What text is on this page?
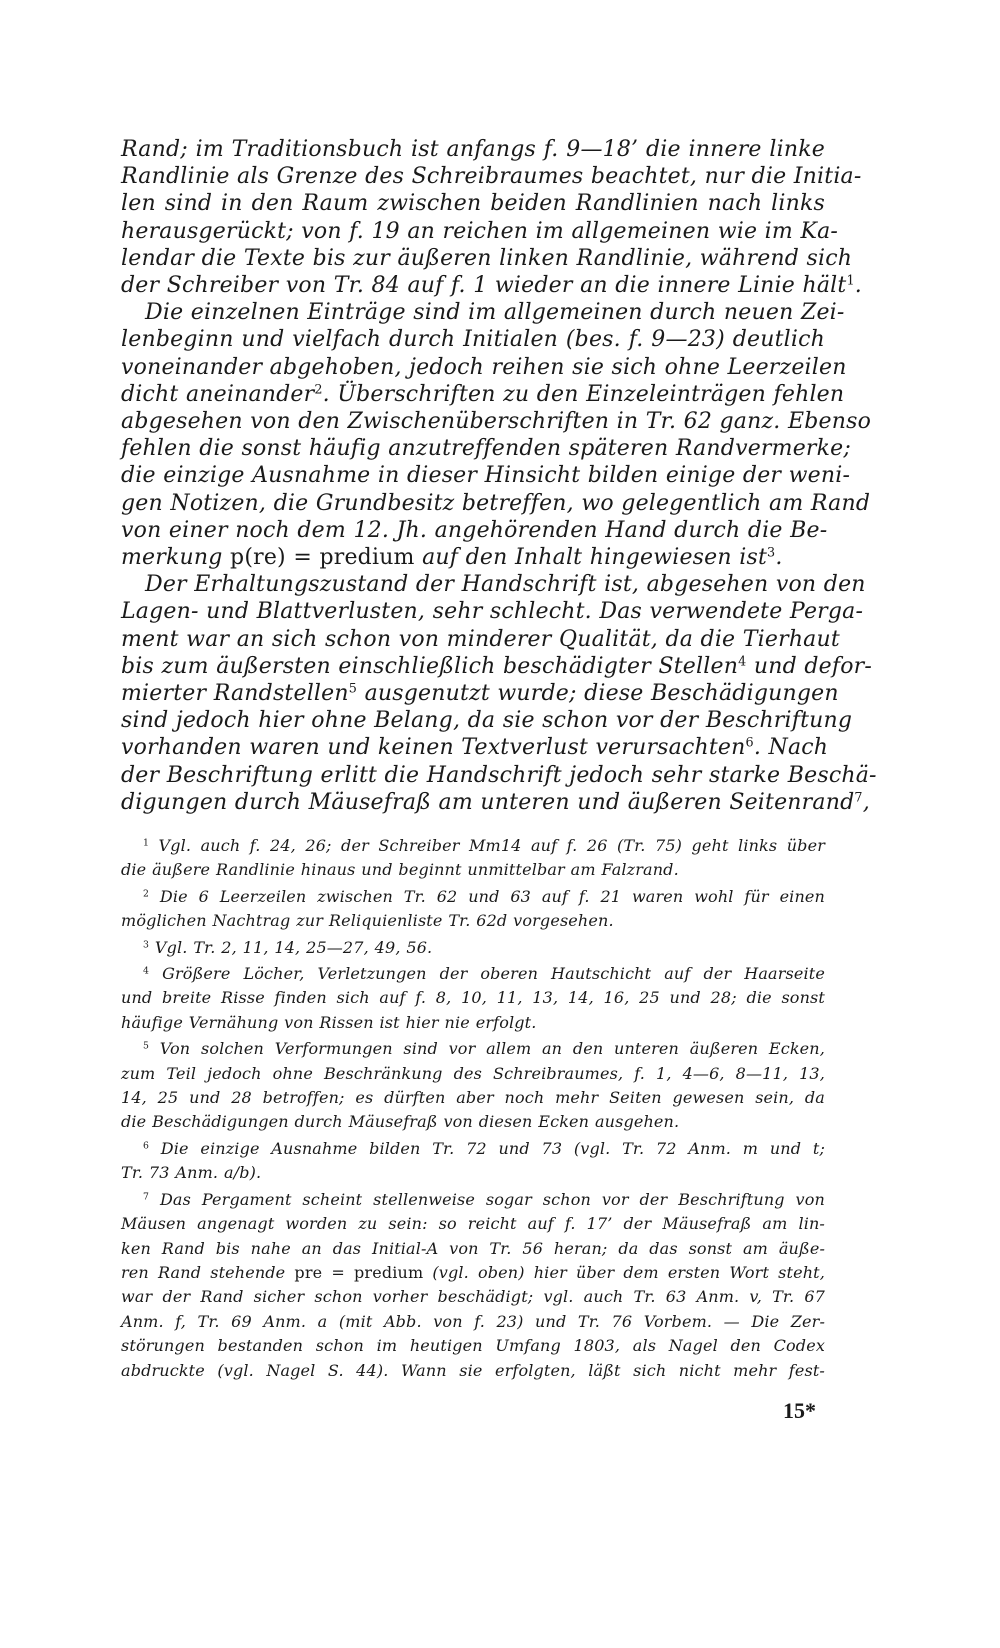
Rand; im Traditionsbuch ist anfangs f. 9—18’ die innere linke
Randlinie als Grenze des Schreibraumes beachtet, nur die Initia-
len sind in den Raum zwischen beiden Randlinien nach links
herausgerückt; von f. 19 an reichen im allgemeinen wie im Ka-
lendar die Texte bis zur äußeren linken Randlinie, während sich
der Schreiber von Tr. 84 auf f. 1 wieder an die innere Linie hält$^1$.
Die einzelnen Einträge sind im allgemeinen durch neuen Zei-
lenbeginn und vielfach durch Initialen (bes. f. 9—23) deutlich
voneinander abgehoben, jedoch reihen sie sich ohne Leerzeilen
dicht aneinander$^2$. Überschriften zu den Einzeleinträgen fehlen
abgesehen von den Zwischenüberschriften in Tr. 62 ganz. Ebenso
fehlen die sonst häufig anzutreffenden späteren Randvermerke;
die einzige Ausnahme in dieser Hinsicht bilden einige der weni-
gen Notizen, die Grundbesitz betreffen, wo gelegentlich am Rand
von einer noch dem 12. Jh. angehörenden Hand durch die Be-
merkung p(re) = predium auf den Inhalt hingewiesen ist$^3$.
Der Erhaltungszustand der Handschrift ist, abgesehen von den
Lagen- und Blattverlusten, sehr schlecht. Das verwendete Perga-
ment war an sich schon von minderer Qualität, da die Tierhaut
bis zum äußersten einschließlich beschädigter Stellen$^4$ und defor-
mierter Randstellen$^5$ ausgenutzt wurde; diese Beschädigungen
sind jedoch hier ohne Belang, da sie schon vor der Beschriftung
vorhanden waren und keinen Textverlust verursachten$^6$. Nach
der Beschriftung erlitt die Handschrift jedoch sehr starke Beschä-
digungen durch Mäusefraß am unteren und äußeren Seitenrand$^7$,
$^1$ Vgl. auch f. 24, 26; der Schreiber Mm14 auf f. 26 (Tr. 75) geht links über
die äußere Randlinie hinaus und beginnt unmittelbar am Falzrand.
$^2$ Die 6 Leerzeilen zwischen Tr. 62 und 63 auf f. 21 waren wohl für einen
möglichen Nachtrag zur Reliquienliste Tr. 62d vorgesehen.
$^3$ Vgl. Tr. 2, 11, 14, 25—27, 49, 56.
$^4$ Größere Löcher, Verletzungen der oberen Hautschicht auf der Haarseite
und breite Risse finden sich auf f. 8, 10, 11, 13, 14, 16, 25 und 28; die sonst
häufige Vernähung von Rissen ist hier nie erfolgt.
$^5$ Von solchen Verformungen sind vor allem an den unteren äußeren Ecken,
zum Teil jedoch ohne Beschränkung des Schreibraumes, f. 1, 4—6, 8—11, 13,
14, 25 und 28 betroffen; es dürften aber noch mehr Seiten gewesen sein, da
die Beschädigungen durch Mäusefraß von diesen Ecken ausgehen.
$^6$ Die einzige Ausnahme bilden Tr. 72 und 73 (vgl. Tr. 72 Anm. m und t;
Tr. 73 Anm. a/b).
$^7$ Das Pergament scheint stellenweise sogar schon vor der Beschriftung von
Mäusen angenagt worden zu sein: so reicht auf f. 17’ der Mäusefraß am lin-
ken Rand bis nahe an das Initial-A von Tr. 56 heran; da das sonst am äuße-
ren Rand stehende pre = predium (vgl. oben) hier über dem ersten Wort steht,
war der Rand sicher schon vorher beschädigt; vgl. auch Tr. 63 Anm. v, Tr. 67
Anm. f, Tr. 69 Anm. a (mit Abb. von f. 23) und Tr. 76 Vorbem. — Die Zer-
störungen bestanden schon im heutigen Umfang 1803, als Nagel den Codex
abdruckte (vgl. Nagel S. 44). Wann sie erfolgten, läßt sich nicht mehr fest-
15*
